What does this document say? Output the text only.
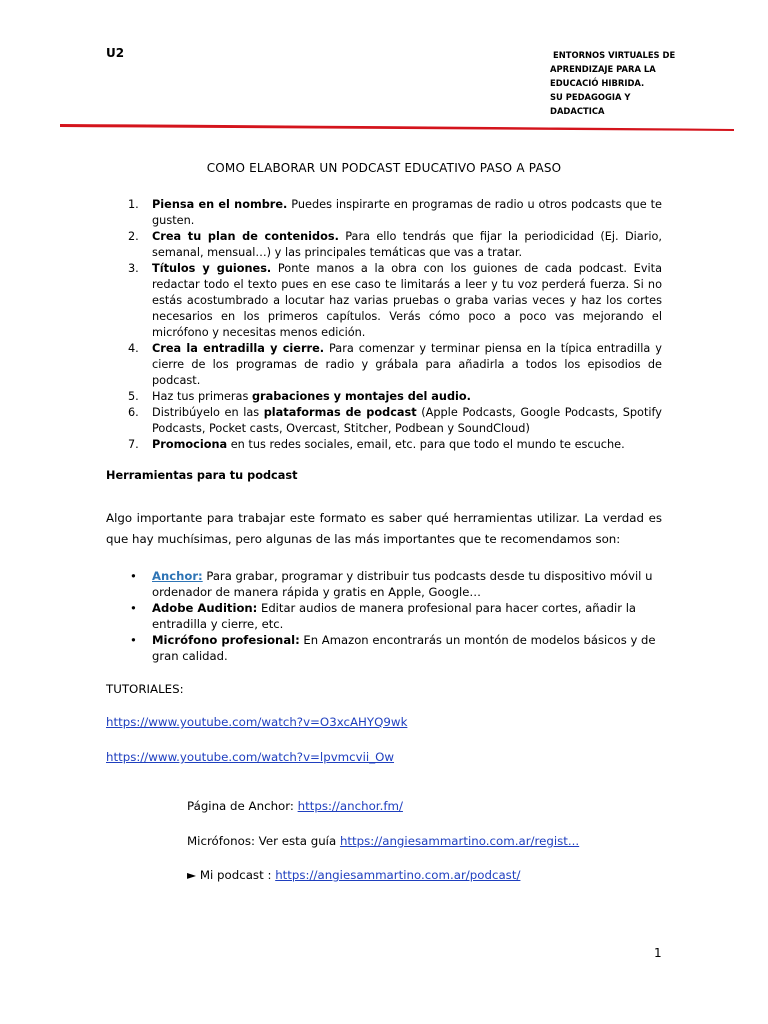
U2	ENTORNOS VIRTUALES DE
APRENDIZAJE PARA LA
EDUCACIÓ HIBRIDA.
SU PEDAGOGIA Y
DADACTICA
COMO ELABORAR UN PODCAST EDUCATIVO PASO A PASO
1. Piensa en el nombre. Puedes inspirarte en programas de radio u otros podcasts que te gusten.
2. Crea tu plan de contenidos. Para ello tendrás que fijar la periodicidad (Ej. Diario, semanal, mensual…) y las principales temáticas que vas a tratar.
3. Títulos y guiones. Ponte manos a la obra con los guiones de cada podcast. Evita redactar todo el texto pues en ese caso te limitarás a leer y tu voz perderá fuerza. Si no estás acostumbrado a locutar haz varias pruebas o graba varias veces y haz los cortes necesarios en los primeros capítulos. Verás cómo poco a poco vas mejorando el micrófono y necesitas menos edición.
4. Crea la entradilla y cierre. Para comenzar y terminar piensa en la típica entradilla y cierre de los programas de radio y grábala para añadirla a todos los episodios de podcast.
5. Haz tus primeras grabaciones y montajes del audio.
6. Distribúyelo en las plataformas de podcast (Apple Podcasts, Google Podcasts, Spotify Podcasts, Pocket casts, Overcast, Stitcher, Podbean y SoundCloud)
7. Promociona en tus redes sociales, email, etc. para que todo el mundo te escuche.
Herramientas para tu podcast
Algo importante para trabajar este formato es saber qué herramientas utilizar. La verdad es que hay muchísimas, pero algunas de las más importantes que te recomendamos son:
• Anchor: Para grabar, programar y distribuir tus podcasts desde tu dispositivo móvil u ordenador de manera rápida y gratis en Apple, Google…
• Adobe Audition: Editar audios de manera profesional para hacer cortes, añadir la entradilla y cierre, etc.
• Micrófono profesional: En Amazon encontrarás un montón de modelos básicos y de gran calidad.
TUTORIALES:
https://www.youtube.com/watch?v=O3xcAHYQ9wk
https://www.youtube.com/watch?v=lpvmcvii_Ow
Página de Anchor: https://anchor.fm/
Micrófonos: Ver esta guía https://angiesammartino.com.ar/regist...
► Mi podcast : https://angiesammartino.com.ar/podcast/
1
